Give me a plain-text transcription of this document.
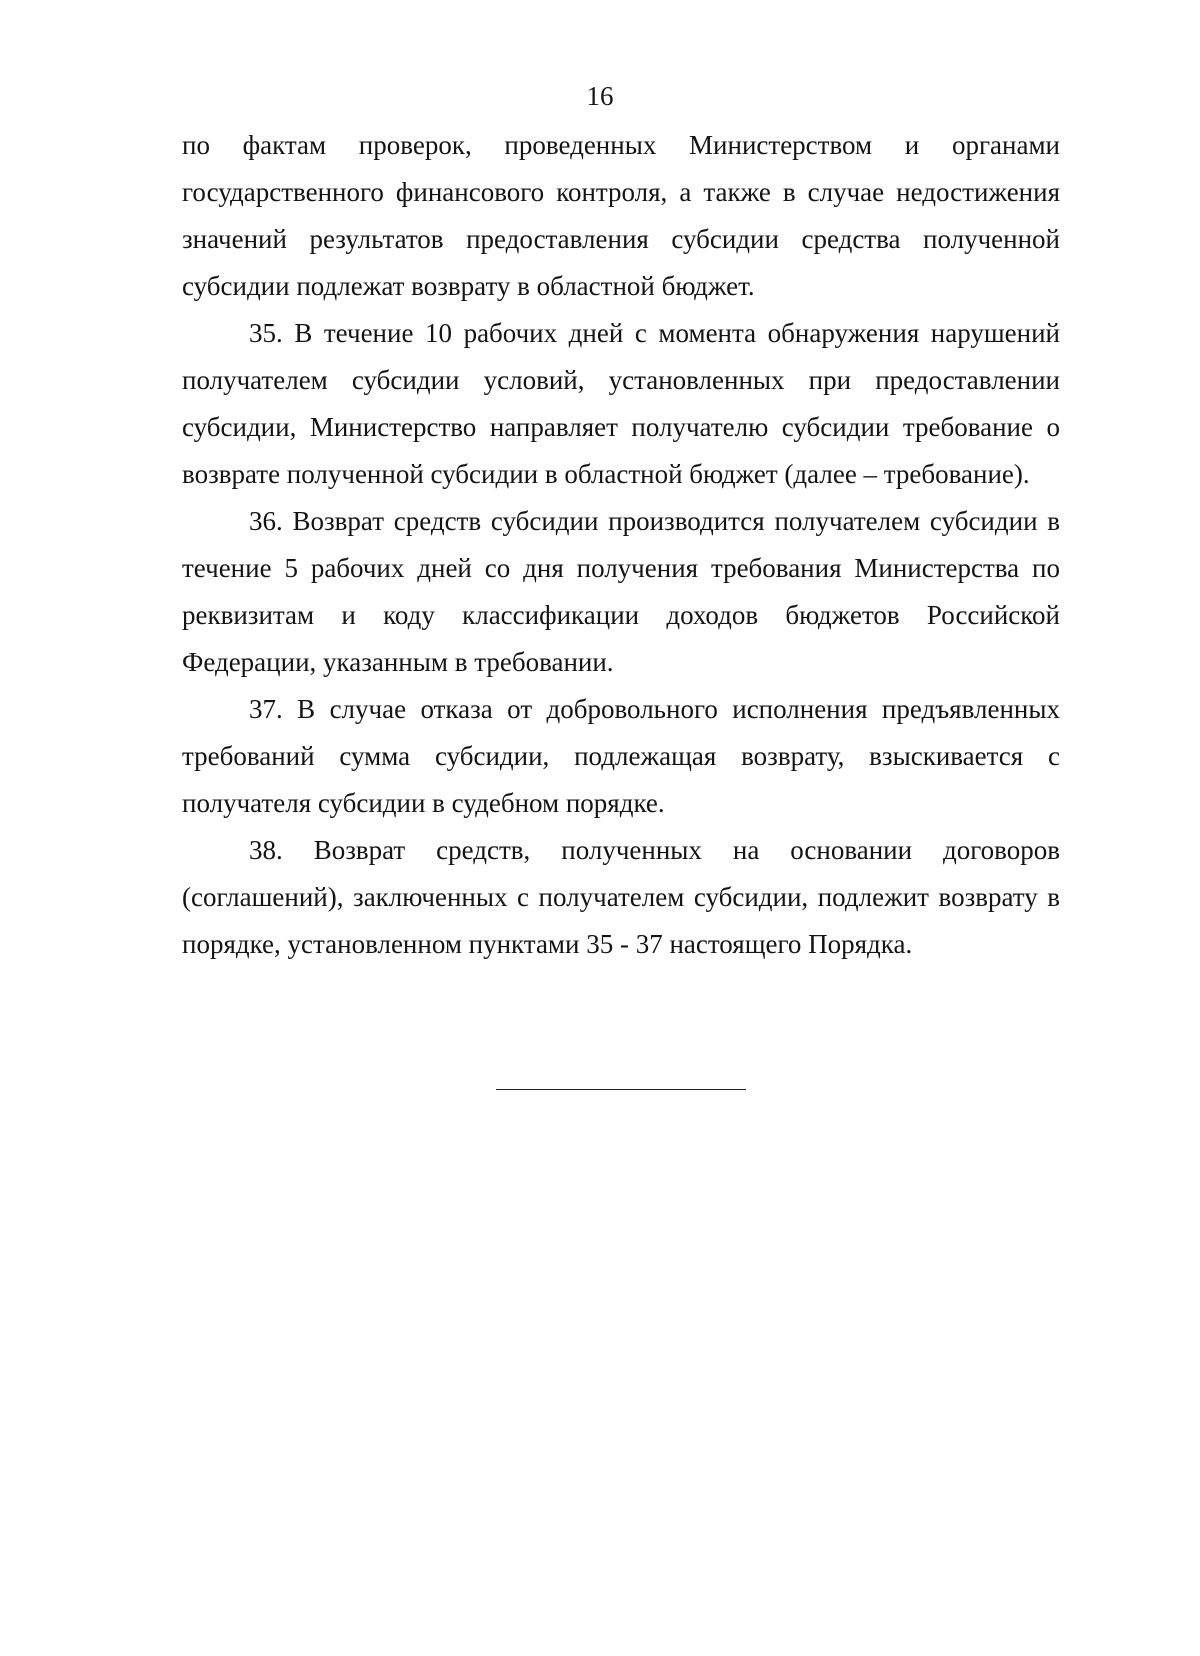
16

по фактам проверок, проведенных Министерством и органами государственного финансового контроля, а также в случае недостижения значений результатов предоставления субсидии средства полученной субсидии подлежат возврату в областной бюджет.

35. В течение 10 рабочих дней с момента обнаружения нарушений получателем субсидии условий, установленных при предоставлении субсидии, Министерство направляет получателю субсидии требование о возврате полученной субсидии в областной бюджет (далее – требование).

36. Возврат средств субсидии производится получателем субсидии в течение 5 рабочих дней со дня получения требования Министерства по реквизитам и коду классификации доходов бюджетов Российской Федерации, указанным в требовании.

37. В случае отказа от добровольного исполнения предъявленных требований сумма субсидии, подлежащая возврату, взыскивается с получателя субсидии в судебном порядке.

38. Возврат средств, полученных на основании договоров (соглашений), заключенных с получателем субсидии, подлежит возврату в порядке, установленном пунктами 35 - 37 настоящего Порядка.
